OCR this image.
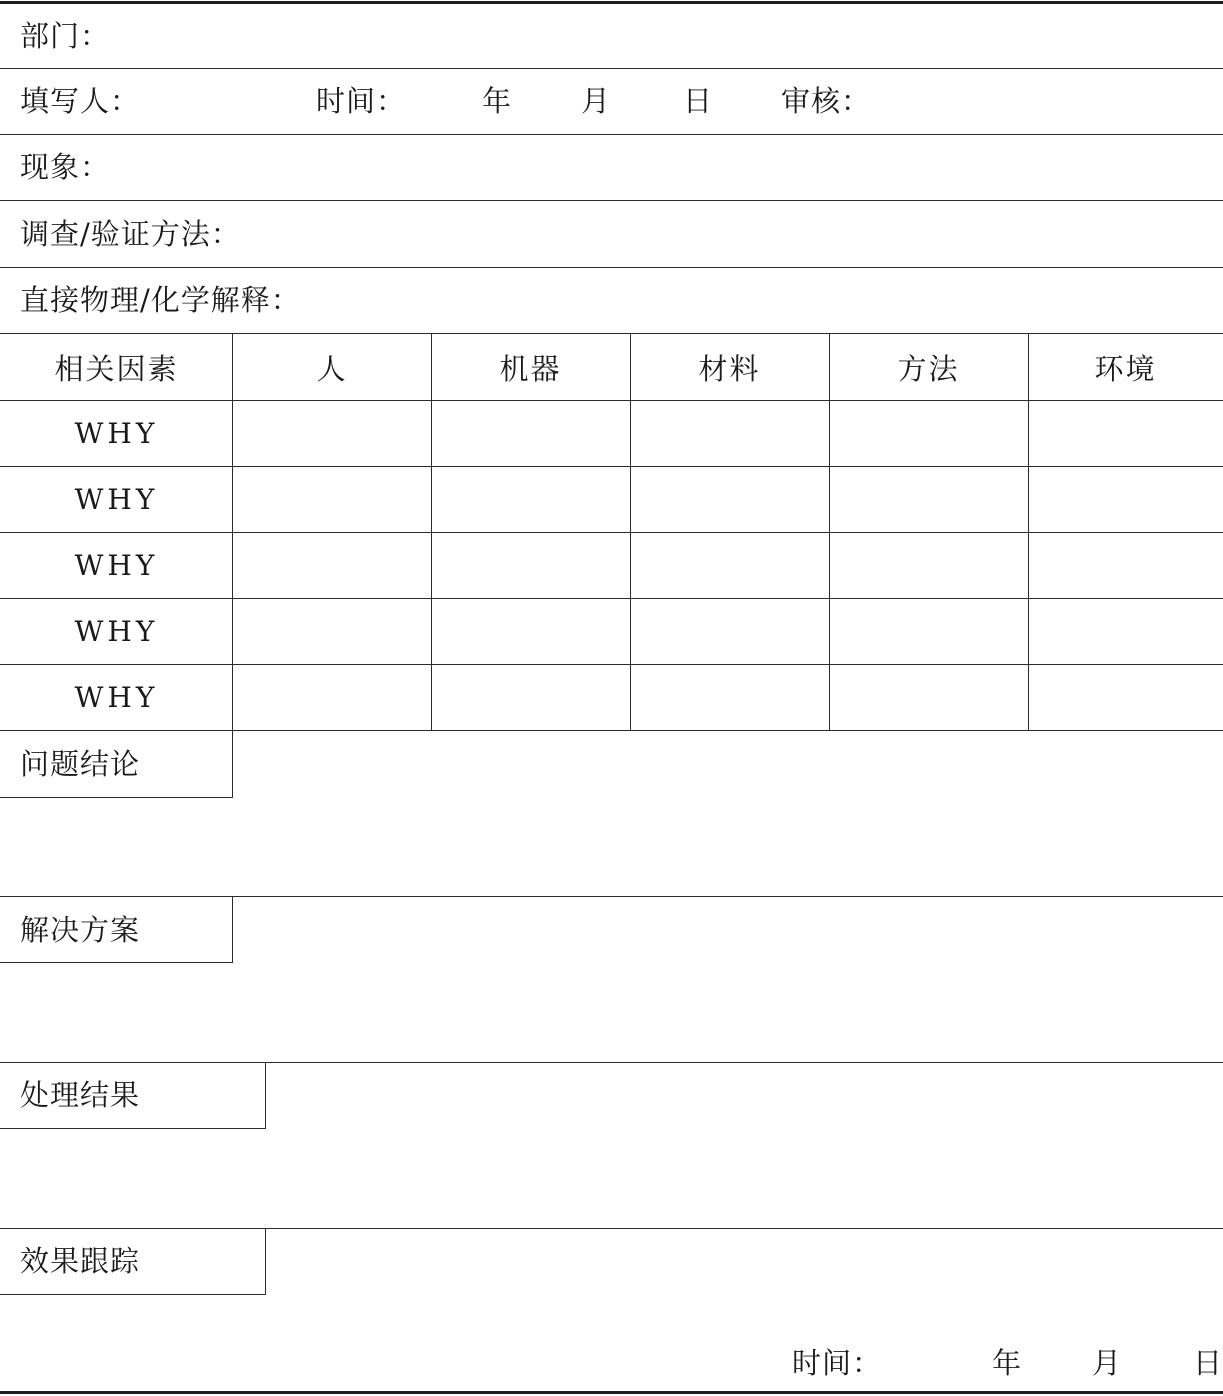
部门：
填写人：	时间：	年 月 日 审核：
现象：
调查/验证方法：
直接物理/化学解释：
相关因素	人	机器	材料	方法	环境
WHY
WHY
WHY
WHY
WHY
问题结论
解决方案
处理结果
效果跟踪
时间：	年 月 日
